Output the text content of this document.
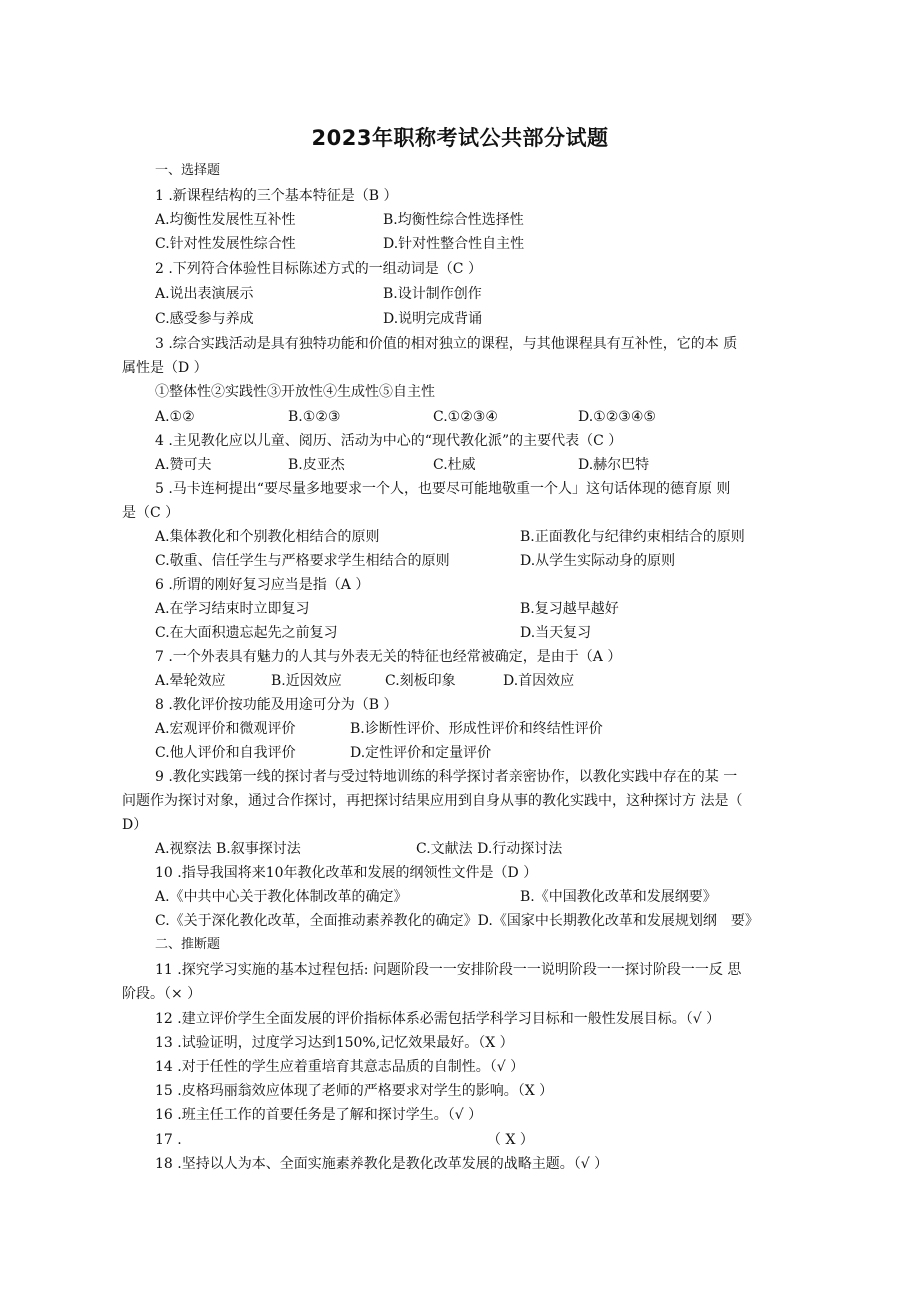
2023年职称考试公共部分试题
一、选择题
1 .新课程结构的三个基本特征是（B ）
A.均衡性发展性互补性	B.均衡性综合性选择性
C.针对性发展性综合性	D.针对性整合性自主性
2 .下列符合体验性目标陈述方式的一组动词是（C ）
A.说出表演展示	B.设计制作创作
C.感受参与养成	D.说明完成背诵
3 .综合实践活动是具有独特功能和价值的相对独立的课程，与其他课程具有互补性，它的本 质
属性是（D ）
①整体性②实践性③开放性④生成性⑤自主性
A.①②	B.①②③	C.①②③④	D.①②③④⑤
4 .主见教化应以儿童、阅历、活动为中心的“现代教化派”的主要代表（C ）
A.赞可夫	B.皮亚杰	C.杜威	D.赫尔巴特
5 .马卡连柯提出“要尽量多地要求一个人，也要尽可能地敬重一个人」这句话体现的德育原 则
是（C ）
A.集体教化和个别教化相结合的原则	B.正面教化与纪律约束相结合的原则
C.敬重、信任学生与严格要求学生相结合的原则	D.从学生实际动身的原则
6 .所谓的刚好复习应当是指（A ）
A.在学习结束时立即复习	B.复习越早越好
C.在大面积遗忘起先之前复习	D.当天复习
7 .一个外表具有魅力的人其与外表无关的特征也经常被确定，是由于（A ）
A.晕轮效应	B.近因效应	C.刻板印象	D.首因效应
8 .教化评价按功能及用途可分为（B ）
A.宏观评价和微观评价	B.诊断性评价、形成性评价和终结性评价
C.他人评价和自我评价	D.定性评价和定量评价
9 .教化实践第一线的探讨者与受过特地训练的科学探讨者亲密协作，以教化实践中存在的某 一
问题作为探讨对象，通过合作探讨，再把探讨结果应用到自身从事的教化实践中，这种探讨方 法是（
D）
A.视察法 B.叙事探讨法	C.文献法 D.行动探讨法
10 .指导我国将来10年教化改革和发展的纲领性文件是（D ）
A.《中共中心关于教化体制改革的确定》	B.《中国教化改革和发展纲要》
C.《关于深化教化改革，全面推动素养教化的确定》D.《国家中长期教化改革和发展规划纲　要》
二、推断题
11 .探究学习实施的基本过程包括: 问题阶段一一安排阶段一一说明阶段一一探讨阶段一一反 思
阶段。（× ）
12 .建立评价学生全面发展的评价指标体系必需包括学科学习目标和一般性发展目标。（√ ）
13 .试验证明，过度学习达到150%,记忆效果最好。（X ）
14 .对于任性的学生应着重培育其意志品质的自制性。（√ ）
15 .皮格玛丽翁效应体现了老师的严格要求对学生的影响。（X ）
16 .班主任工作的首要任务是了解和探讨学生。（√ ）
17 .	（ X ）
18 .坚持以人为本、全面实施素养教化是教化改革发展的战略主题。（√ ）
